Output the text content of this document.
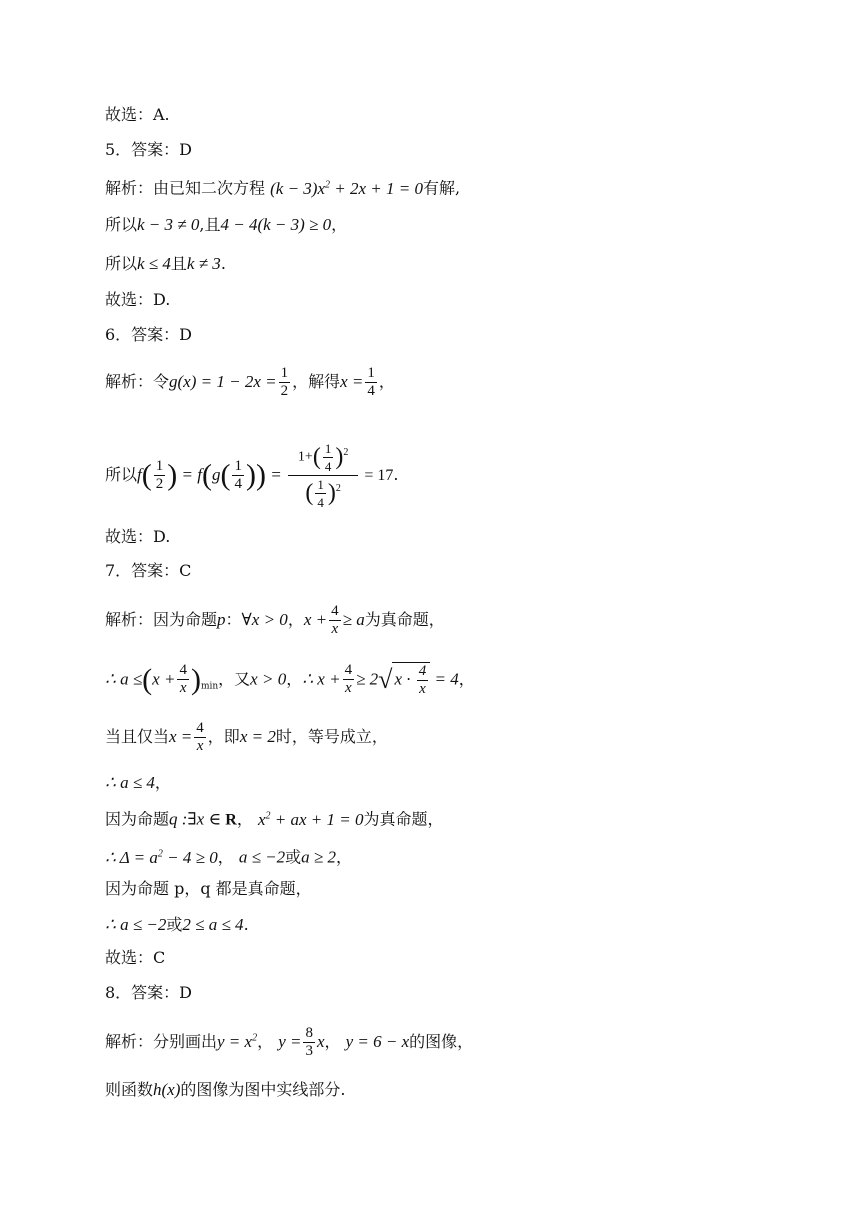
故选：A.
5．答案：D
解析：由已知二次方程 $(k - 3)x^2 + 2x + 1 = 0$有解,
所以k − 3 ≠ 0,且4 − 4(k − 3) ≥ 0，
所以k ≤ 4且k ≠ 3.
故选：D.
6．答案：D
解析：令$g(x) = 1 - 2x = \frac{1}{2}$ ，解得$x = \frac{1}{4}$ ，
所以$f( \frac{1}{2}$ ) = $f(g( \frac{1}{4}$ )) = $\frac{1+( \frac{1}{4} )^2}{( \frac{1}{4} )^2} = 17$.
故选：D.
7．答案：C
解析：因为命题p：∀x > 0，$x + \frac{4}{x} \ge a$为真命题，
∴ $a \le(x + \frac{4}{x} )_{min}$，又x > 0，∴ $x + \frac{4}{x} \ge 2√$ $x \cdot \frac{4}{x} = 4$，
当且仅当$x = \frac{4}{x}$ ，即x = 2时，等号成立，
∴ a ≤ 4，
因为命题q :∃x ∈ R， $x^2$ + ax + 1 = 0为真命题，
∴ $\Delta = a^2 - 4 \ge 0$， a ≤ −2或a ≥ 2，
因为命题 p，q 都是真命题，
∴ a ≤ −2或2 ≤ a ≤ 4.
故选：C
8．答案：D
解析：分别画出$y = x^2$， $y = \frac{8}{3}$ x， y = 6 − x的图像，
则函数h(x)的图像为图中实线部分.
